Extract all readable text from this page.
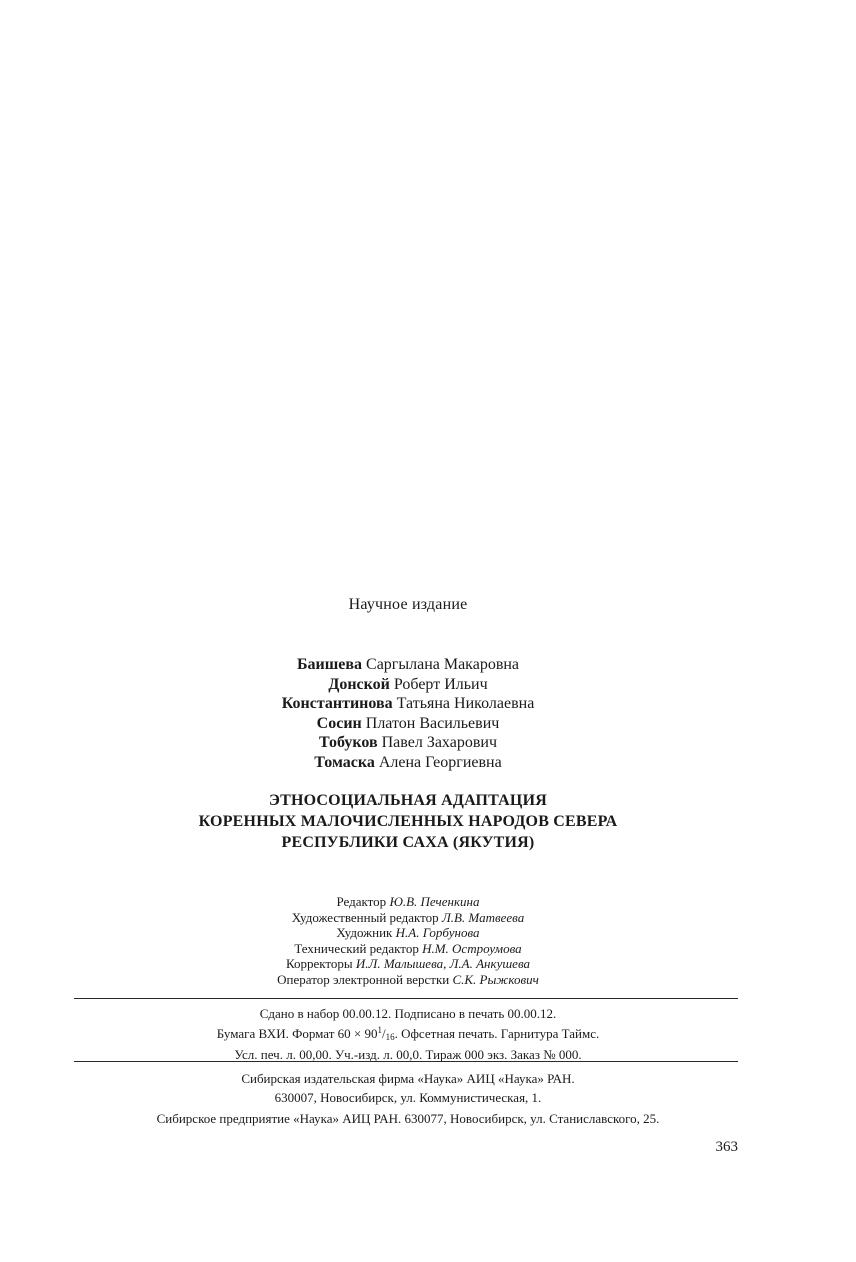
Научное издание
Баишева Саргылана Макаровна
Донской Роберт Ильич
Константинова Татьяна Николаевна
Сосин Платон Васильевич
Тобуков Павел Захарович
Томаска Алена Георгиевна
ЭТНОСОЦИАЛЬНАЯ АДАПТАЦИЯ
КОРЕННЫХ МАЛОЧИСЛЕННЫХ НАРОДОВ СЕВЕРА
РЕСПУБЛИКИ САХА (ЯКУТИЯ)
Редактор Ю.В. Печенкина
Художественный редактор Л.В. Матвеева
Художник Н.А. Горбунова
Технический редактор Н.М. Остроумова
Корректоры И.Л. Малышева, Л.А. Анкушева
Оператор электронной верстки С.К. Рыжкович
Сдано в набор 00.00.12. Подписано в печать 00.00.12.
Бумага ВХИ. Формат $60 \times 90^1/_{16}$. Офсетная печать. Гарнитура Таймс.
Усл. печ. л. 00,00. Уч.-изд. л. 00,0. Тираж 000 экз. Заказ № 000.
Сибирская издательская фирма «Наука» АИЦ «Наука» РАН.
630007, Новосибирск, ул. Коммунистическая, 1.
Сибирское предприятие «Наука» АИЦ РАН. 630077, Новосибирск, ул. Станиславского, 25.
363
